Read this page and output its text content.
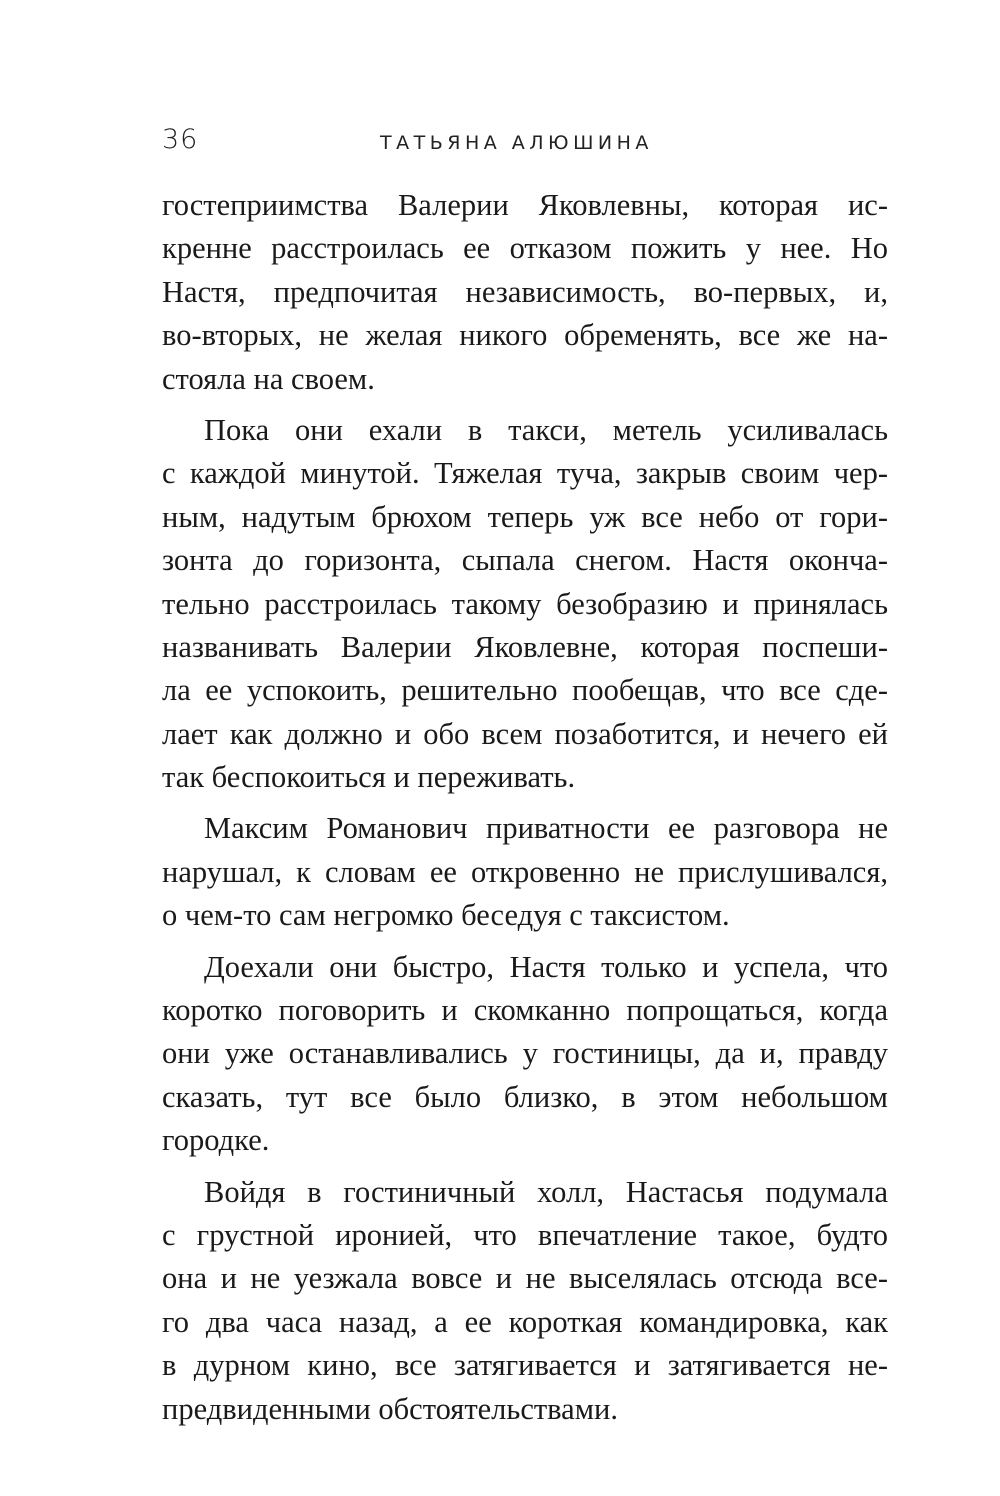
36	ТАТЬЯНА АЛЮШИНА
гостеприимства Валерии Яковлевны, которая ис-
кренне расстроилась ее отказом пожить у нее. Но
Настя, предпочитая независимость, во-первых, и,
во-вторых, не желая никого обременять, все же на-
стояла на своем.
Пока они ехали в такси, метель усиливалась
с каждой минутой. Тяжелая туча, закрыв своим чер-
ным, надутым брюхом теперь уж все небо от гори-
зонта до горизонта, сыпала снегом. Настя оконча-
тельно расстроилась такому безобразию и принялась
названивать Валерии Яковлевне, которая поспеши-
ла ее успокоить, решительно пообещав, что все сде-
лает как должно и обо всем позаботится, и нечего ей
так беспокоиться и переживать.
Максим Романович приватности ее разговора не
нарушал, к словам ее откровенно не прислушивался,
о чем-то сам негромко беседуя с таксистом.
Доехали они быстро, Настя только и успела, что
коротко поговорить и скомканно попрощаться, когда
они уже останавливались у гостиницы, да и, правду
сказать, тут все было близко, в этом небольшом
городке.
Войдя в гостиничный холл, Настасья подумала
с грустной иронией, что впечатление такое, будто
она и не уезжала вовсе и не выселялась отсюда все-
го два часа назад, а ее короткая командировка, как
в дурном кино, все затягивается и затягивается не-
предвиденными обстоятельствами.
